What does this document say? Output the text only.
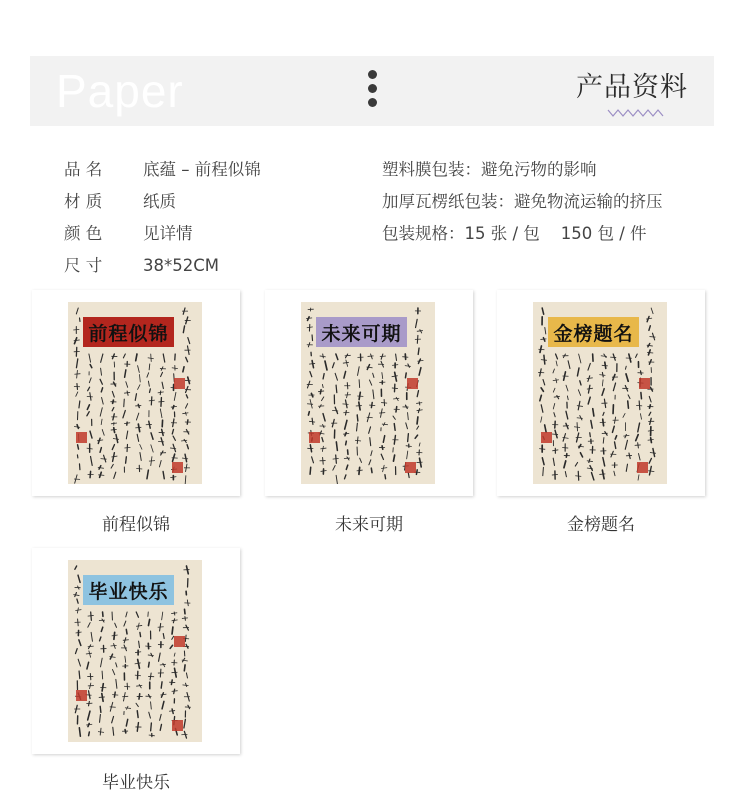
Paper	产品资料
品 名 底蕴 – 前程似锦
材 质 纸质
颜 色 见详情
尺 寸 38*52CM
塑料膜包装：避免污物的影响
加厚瓦楞纸包装：避免物流运输的挤压
包装规格：15 张 / 包    150 包 / 件
前程似锦
前程似锦
未来可期
未来可期
金榜题名
金榜题名
毕业快乐
毕业快乐
